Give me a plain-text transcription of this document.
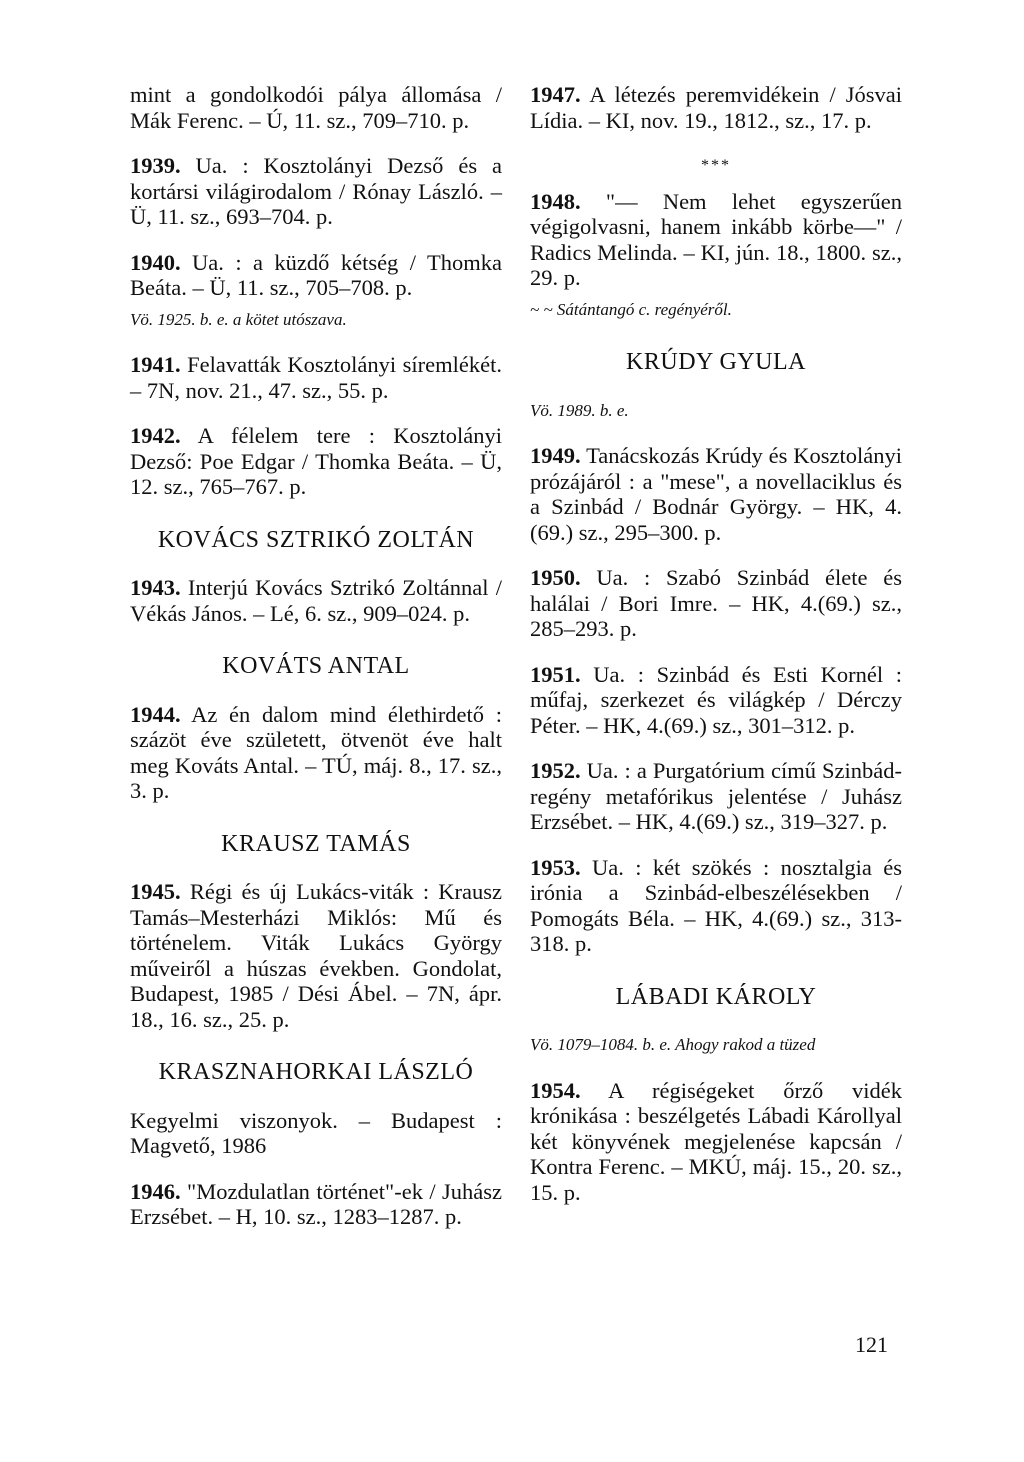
mint a gondolkodói pálya állomása / Mák Ferenc. – Ú, 11. sz., 709–710. p.

1939. Ua. : Kosztolányi Dezső és a kortársi világirodalom / Rónay László. – Ü, 11. sz., 693–704. p.

1940. Ua. : a küzdő kétség / Thomka Beáta. – Ü, 11. sz., 705–708. p.

Vö. 1925. b. e. a kötet utószava.

1941. Felavatták Kosztolányi síremlékét. – 7N, nov. 21., 47. sz., 55. p.

1942. A félelem tere : Kosztolányi Dezső: Poe Edgar / Thomka Beáta. – Ü, 12. sz., 765–767. p.

KOVÁCS SZTRIKÓ ZOLTÁN

1943. Interjú Kovács Sztrikó Zoltánnal / Vékás János. – Lé, 6. sz., 909–024. p.

KOVÁTS ANTAL

1944. Az én dalom mind élethirdető : százöt éve született, ötvenöt éve halt meg Kováts Antal. – TÚ, máj. 8., 17. sz., 3. p.

KRAUSZ TAMÁS

1945. Régi és új Lukács-viták : Krausz Tamás–Mesterházi Miklós: Mű és történelem. Viták Lukács György műveiről a húszas években. Gondolat, Budapest, 1985 / Dési Ábel. – 7N, ápr. 18., 16. sz., 25. p.

KRASZNAHORKAI LÁSZLÓ

Kegyelmi viszonyok. – Budapest : Magvető, 1986

1946. "Mozdulatlan történet"-ek / Juhász Erzsébet. – H, 10. sz., 1283–1287. p.

1947. A létezés peremvidékein / Jósvai Lídia. – KI, nov. 19., 1812., sz., 17. p.

***

1948. "— Nem lehet egyszerűen végigolvasni, hanem inkább körbe—" / Radics Melinda. – KI, jún. 18., 1800. sz., 29. p.

~ ~ Sátántangó c. regényéről.

KRÚDY GYULA

Vö. 1989. b. e.

1949. Tanácskozás Krúdy és Kosztolányi prózájáról : a "mese", a novellaciklus és a Szinbád / Bodnár György. – HK, 4.(69.) sz., 295–300. p.

1950. Ua. : Szabó Szinbád élete és halálai / Bori Imre. – HK, 4.(69.) sz., 285–293. p.

1951. Ua. : Szinbád és Esti Kornél : műfaj, szerkezet és világkép / Dérczy Péter. – HK, 4.(69.) sz., 301–312. p.

1952. Ua. : a Purgatórium című Szinbád-regény metafórikus jelentése / Juhász Erzsébet. – HK, 4.(69.) sz., 319–327. p.

1953. Ua. : két szökés : nosztalgia és irónia a Szinbád-elbeszélésekben / Pomogáts Béla. – HK, 4.(69.) sz., 313-318. p.

LÁBADI KÁROLY

Vö. 1079–1084. b. e. Ahogy rakod a tüzed

1954. A régiségeket őrző vidék krónikása : beszélgetés Lábadi Károllyal két könyvének megjelenése kapcsán / Kontra Ferenc. – MKÚ, máj. 15., 20. sz., 15. p.

121
